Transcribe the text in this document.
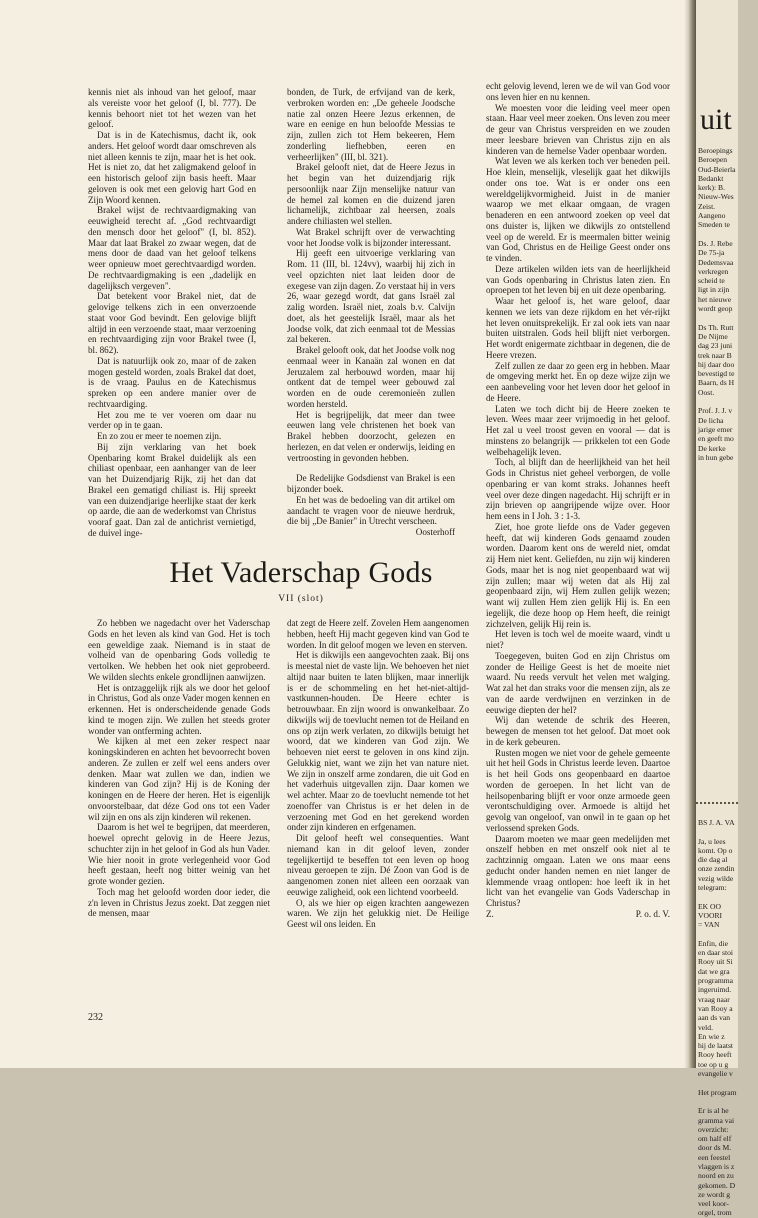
kennis niet als inhoud van het geloof, maar als vereiste voor het geloof (I, bl. 777). De kennis behoort niet tot het wezen van het geloof.

Dat is in de Katechismus, dacht ik, ook anders. Het geloof wordt daar omschreven als niet alleen kennis te zijn, maar het is het ook. Het is niet zo, dat het zaligmakend geloof in een historisch geloof zijn basis heeft. Maar geloven is ook met een gelovig hart God en Zijn Woord kennen.

Brakel wijst de rechtvaardigmaking van eeuwigheid terecht af. „God rechtvaardigt den mensch door het geloof" (I, bl. 852). Maar dat laat Brakel zo zwaar wegen, dat de mens door de daad van het geloof telkens weer opnieuw moet gerechtvaardigd worden. De rechtvaardigmaking is een „dadelijk en dagelijksch vergeven".

Dat betekent voor Brakel niet, dat de gelovige telkens zich in een onverzoende staat voor God bevindt. Een gelovige blijft altijd in een verzoende staat, maar verzoening en rechtvaardiging zijn voor Brakel twee (I, bl. 862).

Dat is natuurlijk ook zo, maar of de zaken mogen gesteld worden, zoals Brakel dat doet, is de vraag. Paulus en de Katechismus spreken op een andere manier over de rechtvaardiging.

Het zou me te ver voeren om daar nu verder op in te gaan.

En zo zou er meer te noemen zijn.

Bij zijn verklaring van het boek Openbaring komt Brakel duidelijk als een chiliast openbaar, een aanhanger van de leer van het Duizendjarig Rijk, zij het dan dat Brakel een gematigd chiliast is. Hij spreekt van een duizendjarige heerlijke staat der kerk op aarde, die aan de wederkomst van Christus vooraf gaat. Dan zal de antichrist vernietigd, de duivel inge-

bonden, de Turk, de erfvijand van de kerk, verbroken worden en: „De geheele Joodsche natie zal onzen Heere Jezus erkennen, de ware en eenige en hun beloofde Messias te zijn, zullen zich tot Hem bekeeren, Hem zonderling liefhebben, eeren en verheerlijken" (III, bl. 321).

Brakel gelooft niet, dat de Heere Jezus in het begin van het duizendjarig rijk persoonlijk naar Zijn menselijke natuur van de hemel zal komen en die duizend jaren lichamelijk, zichtbaar zal heersen, zoals andere chiliasten wel stellen.

Wat Brakel schrijft over de verwachting voor het Joodse volk is bijzonder interessant.

Hij geeft een uitvoerige verklaring van Rom. 11 (III, bl. 124vv), waarbij hij zich in veel opzichten niet laat leiden door de exegese van zijn dagen. Zo verstaat hij in vers 26, waar gezegd wordt, dat gans Israël zal zalig worden. Israël niet, zoals b.v. Calvijn doet, als het geestelijk Israël, maar als het Joodse volk, dat zich eenmaal tot de Messias zal bekeren.

Brakel gelooft ook, dat het Joodse volk nog eenmaal weer in Kanaän zal wonen en dat Jeruzalem zal herbouwd worden, maar hij ontkent dat de tempel weer gebouwd zal worden en de oude ceremonieën zullen worden hersteld.

Het is begrijpelijk, dat meer dan twee eeuwen lang vele christenen het boek van Brakel hebben doorzocht, gelezen en herlezen, en dat velen er onderwijs, leiding en vertroosting in gevonden hebben.

De Redelijke Godsdienst van Brakel is een bijzonder boek.

En het was de bedoeling van dit artikel om aandacht te vragen voor de nieuwe herdruk, die bij „De Banier" in Utrecht verscheen.

Oosterhoff

echt gelovig levend, leren we de wil van God voor ons leven hier en nu kennen.

We moesten voor die leiding veel meer open staan. Haar veel meer zoeken. Ons leven zou meer de geur van Christus verspreiden en we zouden meer leesbare brieven van Christus zijn en als kinderen van de hemelse Vader openbaar worden.

Wat leven we als kerken toch ver beneden peil. Hoe klein, menselijk, vleselijk gaat het dikwijls onder ons toe. Wat is er onder ons een wereldgelijkvormigheid. Juist in de manier waarop we met elkaar omgaan, de vragen benaderen en een antwoord zoeken op veel dat ons duister is, lijken we dikwijls zo ontstellend veel op de wereld. Er is meermalen bitter weinig van God, Christus en de Heilige Geest onder ons te vinden.

Deze artikelen wilden iets van de heerlijkheid van Gods openbaring in Christus laten zien. En oproepen tot het leven bij en uit deze openbaring.

Waar het geloof is, het ware geloof, daar kennen we iets van deze rijkdom en het vér-rijkt het leven onuitsprekelijk. Er zal ook iets van naar buiten uitstralen. Gods heil blijft niet verborgen. Het wordt enigermate zichtbaar in degenen, die de Heere vrezen.

Zelf zullen ze daar zo geen erg in hebben. Maar de omgeving merkt het. En op deze wijze zijn we een aanbeveling voor het leven door het geloof in de Heere.

Laten we toch dicht bij de Heere zoeken te leven. Wees maar zeer vrijmoedig in het geloof. Het zal u veel troost geven en vooral — dat is minstens zo belangrijk — prikkelen tot een Gode welbehagelijk leven.

Toch, al blijft dan de heerlijkheid van het heil Gods in Christus niet geheel verborgen, de volle openbaring er van komt straks. Johannes heeft veel over deze dingen nagedacht. Hij schrijft er in zijn brieven op aangrijpende wijze over. Hoor hem eens in I Joh. 3 : 1-3.

Ziet, hoe grote liefde ons de Vader gegeven heeft, dat wij kinderen Gods genaamd zouden worden. Daarom kent ons de wereld niet, omdat zij Hem niet kent. Geliefden, nu zijn wij kinderen Gods, maar het is nog niet geopenbaard wat wij zijn zullen; maar wij weten dat als Hij zal geopenbaard zijn, wij Hem zullen gelijk wezen; want wij zullen Hem zien gelijk Hij is. En een iegelijk, die deze hoop op Hem heeft, die reinigt zichzelven, gelijk Hij rein is.

Het leven is toch wel de moeite waard, vindt u niet?

Toegegeven, buiten God en zijn Christus om zonder de Heilige Geest is het de moeite niet waard. Nu reeds vervult het velen met walging. Wat zal het dan straks voor die mensen zijn, als ze van de aarde verdwijnen en verzinken in de eeuwige diepten der hel?

Wij dan wetende de schrik des Heeren, bewegen de mensen tot het geloof. Dat moet ook in de kerk gebeuren.

Rusten mogen we niet voor de gehele gemeente uit het heil Gods in Christus leerde leven. Daartoe is het heil Gods ons geopenbaard en daartoe worden de geroepen. In het licht van de heilsopenbaring blijft er voor onze armoede geen verontschuldiging over. Armoede is altijd het gevolg van ongeloof, van onwil in te gaan op het verlossend spreken Gods.

Daarom moeten we maar geen medelijden met onszelf hebben en met onszelf ook niet al te zachtzinnig omgaan. Laten we ons maar eens geducht onder handen nemen en niet langer de klemmende vraag ontlopen: hoe leeft ik in het licht van het evangelie van Gods Vaderschap in Christus?

Z.	P. o. d. V.
Het Vaderschap Gods
VII (slot)

Zo hebben we nagedacht over het Vaderschap Gods en het leven als kind van God. Het is toch een geweldige zaak. Niemand is in staat de volheid van de openbaring Gods volledig te vertolken. We hebben het ook niet geprobeerd. We wilden slechts enkele grondlijnen aanwijzen.

Het is ontzaggelijk rijk als we door het geloof in Christus, God als onze Vader mogen kennen en erkennen. Het is onderscheidende genade Gods kind te mogen zijn. We zullen het steeds groter wonder van ontferming achten.

We kijken al met een zeker respect naar koningskinderen en achten het bevoorrecht boven anderen. Ze zullen er zelf wel eens anders over denken. Maar wat zullen we dan, indien we kinderen van God zijn? Hij is de Koning der koningen en de Heere der heren. Het is eigenlijk onvoorstelbaar, dat déze God ons tot een Vader wil zijn en ons als zijn kinderen wil rekenen.

Daarom is het wel te begrijpen, dat meerderen, hoewel oprecht gelovig in de Heere Jezus, schuchter zijn in het geloof in God als hun Vader. Wie hier nooit in grote verlegenheid voor God heeft gestaan, heeft nog bitter weinig van het grote wonder gezien.

Toch mag het geloofd worden door ieder, die z'n leven in Christus Jezus zoekt. Dat zeggen niet de mensen, maar

dat zegt de Heere zelf. Zovelen Hem aangenomen hebben, heeft Hij macht gegeven kind van God te worden. In dit geloof mogen we leven en sterven.

Het is dikwijls een aangevochten zaak. Bij ons is meestal niet de vaste lijn. We behoeven het niet altijd naar buiten te laten blijken, maar innerlijk is er de schommeling en het het-niet-altijd-vastkunnen-houden. De Heere echter is betrouwbaar. En zijn woord is onwankelbaar. Zo dikwijls wij de toevlucht nemen tot de Heiland en ons op zijn werk verlaten, zo dikwijls betuigt het woord, dat we kinderen van God zijn. We behoeven niet eerst te geloven in ons kind zijn. Gelukkig niet, want we zijn het van nature niet. We zijn in onszelf arme zondaren, die uit God en het vaderhuis uitgevallen zijn. Daar komen we wel achter. Maar zo de toevlucht nemende tot het zoenoffer van Christus is er het delen in de verzoening met God en het gerekend worden onder zijn kinderen en erfgenamen.

Dit geloof heeft wel consequenties. Want niemand kan in dit geloof leven, zonder tegelijkertijd te beseffen tot een leven op hoog niveau geroepen te zijn. Dé Zoon van God is de aangenomen zonen niet alleen een oorzaak van eeuwige zaligheid, ook een lichtend voorbeeld.

O, als we hier op eigen krachten aangewezen waren. We zijn het gelukkig niet. De Heilige Geest wil ons leiden. En

232
uit
Beroepings
Beroepen
Oud-Beierla
Bedankt
kerk): B.
Nieuw-Wes
Zeist.
Aangeno
Smeden te
Ds. J. Rebe
De 75-ja
Dedemsvaa
verkregen
scheid te
ligt in zijn
het nieuwe
wordt geop
Ds Th. Rutt
De Nijme
dag 23 juni
trek naar B
hij daar doo
bevestigd te
Baarn, ds H
Oost.
Prof. J. J. v
De licha
jarige emer
en geeft mo
De kerke
in hun gebe
BS J. A. VA
Ja, u lees
komt. Op o
die dag al
onze zendin
vezig wilde
telegram:
EK OO
VOORI
= VAN
Enfin, die
en daar stoi
Rooy uit Si
dat we gra
programma
ingeruimd.
vraag naar
van Rooy a
aan ds van
veld.
En wie z
hij de laatst
Rooy heeft
toe op u g
evangelie v
Het program
Er is al he
gramma vai
overzicht:
om half elf
door ds M.
een feestel
vlaggen is z
noord en zu
gekomen. D
ze wordt g
veel koor-
orgel, trom
